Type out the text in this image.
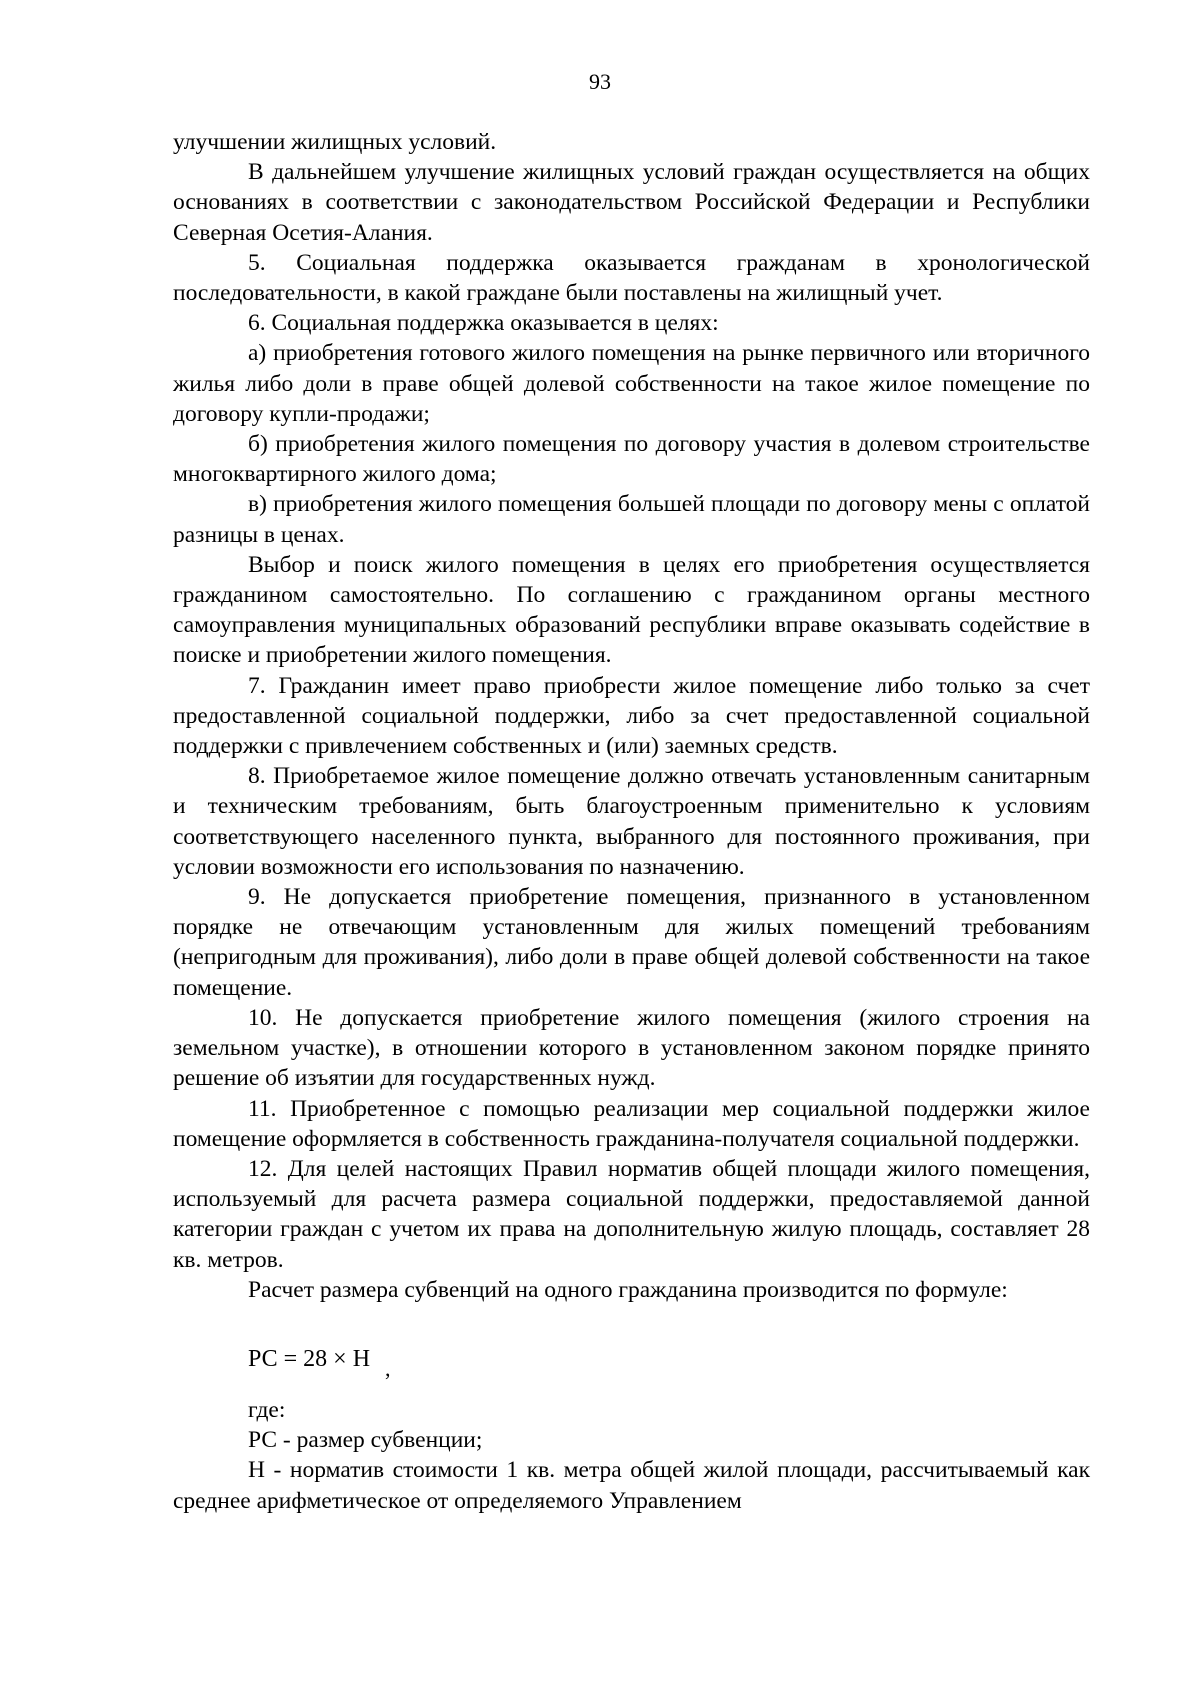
93

улучшении жилищных условий.

В дальнейшем улучшение жилищных условий граждан осуществляется на общих основаниях в соответствии с законодательством Российской Федерации и Республики Северная Осетия-Алания.

5. Социальная поддержка оказывается гражданам в хронологической последовательности, в какой граждане были поставлены на жилищный учет.

6. Социальная поддержка оказывается в целях:

а) приобретения готового жилого помещения на рынке первичного или вторичного жилья либо доли в праве общей долевой собственности на такое жилое помещение по договору купли-продажи;

б) приобретения жилого помещения по договору участия в долевом строительстве многоквартирного жилого дома;

в) приобретения жилого помещения большей площади по договору мены с оплатой разницы в ценах.

Выбор и поиск жилого помещения в целях его приобретения осуществляется гражданином самостоятельно. По соглашению с гражданином органы местного самоуправления муниципальных образований республики вправе оказывать содействие в поиске и приобретении жилого помещения.

7. Гражданин имеет право приобрести жилое помещение либо только за счет предоставленной социальной поддержки, либо за счет предоставленной социальной поддержки с привлечением собственных и (или) заемных средств.

8. Приобретаемое жилое помещение должно отвечать установленным санитарным и техническим требованиям, быть благоустроенным применительно к условиям соответствующего населенного пункта, выбранного для постоянного проживания, при условии возможности его использования по назначению.

9. Не допускается приобретение помещения, признанного в установленном порядке не отвечающим установленным для жилых помещений требованиям (непригодным для проживания), либо доли в праве общей долевой собственности на такое помещение.

10. Не допускается приобретение жилого помещения (жилого строения на земельном участке), в отношении которого в установленном законом порядке принято решение об изъятии для государственных нужд.

11. Приобретенное с помощью реализации мер социальной поддержки жилое помещение оформляется в собственность гражданина-получателя социальной поддержки.

12. Для целей настоящих Правил норматив общей площади жилого помещения, используемый для расчета размера социальной поддержки, предоставляемой данной категории граждан с учетом их права на дополнительную жилую площадь, составляет 28 кв. метров.

Расчет размера субвенций на одного гражданина производится по формуле:

РС = 28 × Н ,
где:
РС - размер субвенции;

Н - норматив стоимости 1 кв. метра общей жилой площади, рассчитываемый как среднее арифметическое от определяемого Управлением
